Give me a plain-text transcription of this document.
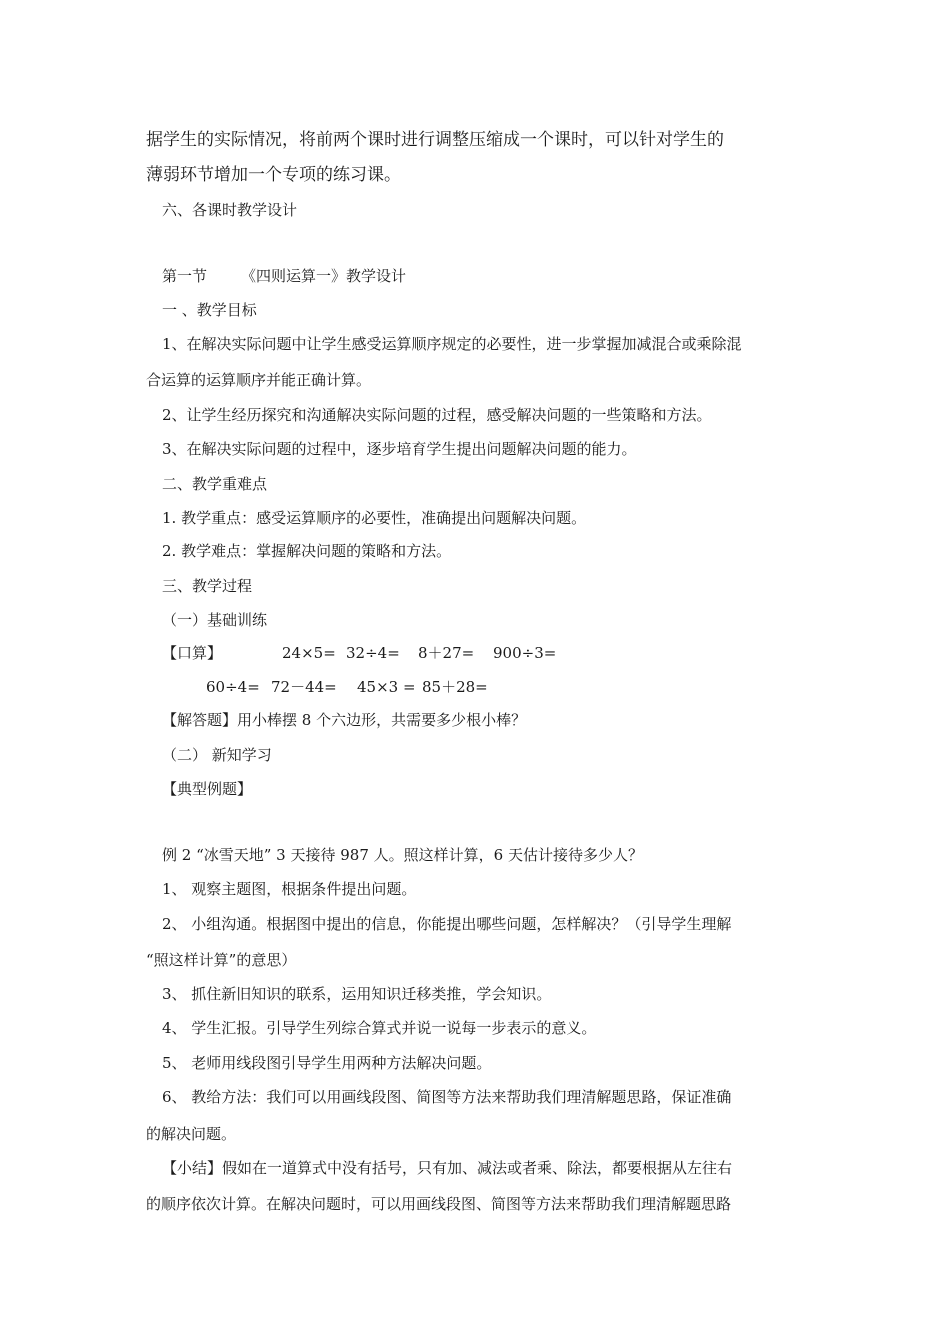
据学生的实际情况，将前两个课时进行调整压缩成一个课时，可以针对学生的
薄弱环节增加一个专项的练习课。
六、各课时教学设计
第一节 《四则运算一》教学设计
一 、教学目标
1、在解决实际问题中让学生感受运算顺序规定的必要性，进一步掌握加减混合或乘除混
合运算的运算顺序并能正确计算。
2、让学生经历探究和沟通解决实际问题的过程，感受解决问题的一些策略和方法。
3、在解决实际问题的过程中，逐步培育学生提出问题解决问题的能力。
二、教学重难点
1. 教学重点：感受运算顺序的必要性，准确提出问题解决问题。
2. 教学难点：掌握解决问题的策略和方法。
三、教学过程
（一）基础训练
【口算】	24×5= 32÷4= 8＋27= 900÷3=
60÷4= 72－44= 45×3 = 85＋28=
【解答题】用小棒摆 8 个六边形，共需要多少根小棒？
（二） 新知学习
【典型例题】
例 2 “冰雪天地” 3 天接待 987 人。照这样计算，6 天估计接待多少人？
1、 观察主题图，根据条件提出问题。
2、 小组沟通。根据图中提出的信息，你能提出哪些问题，怎样解决？（引导学生理解
“照这样计算”的意思）
3、 抓住新旧知识的联系，运用知识迁移类推，学会知识。
4、 学生汇报。引导学生列综合算式并说一说每一步表示的意义。
5、 老师用线段图引导学生用两种方法解决问题。
6、 教给方法：我们可以用画线段图、简图等方法来帮助我们理清解题思路，保证准确
的解决问题。
【小结】假如在一道算式中没有括号，只有加、减法或者乘、除法，都要根据从左往右
的顺序依次计算。在解决问题时，可以用画线段图、简图等方法来帮助我们理清解题思路
